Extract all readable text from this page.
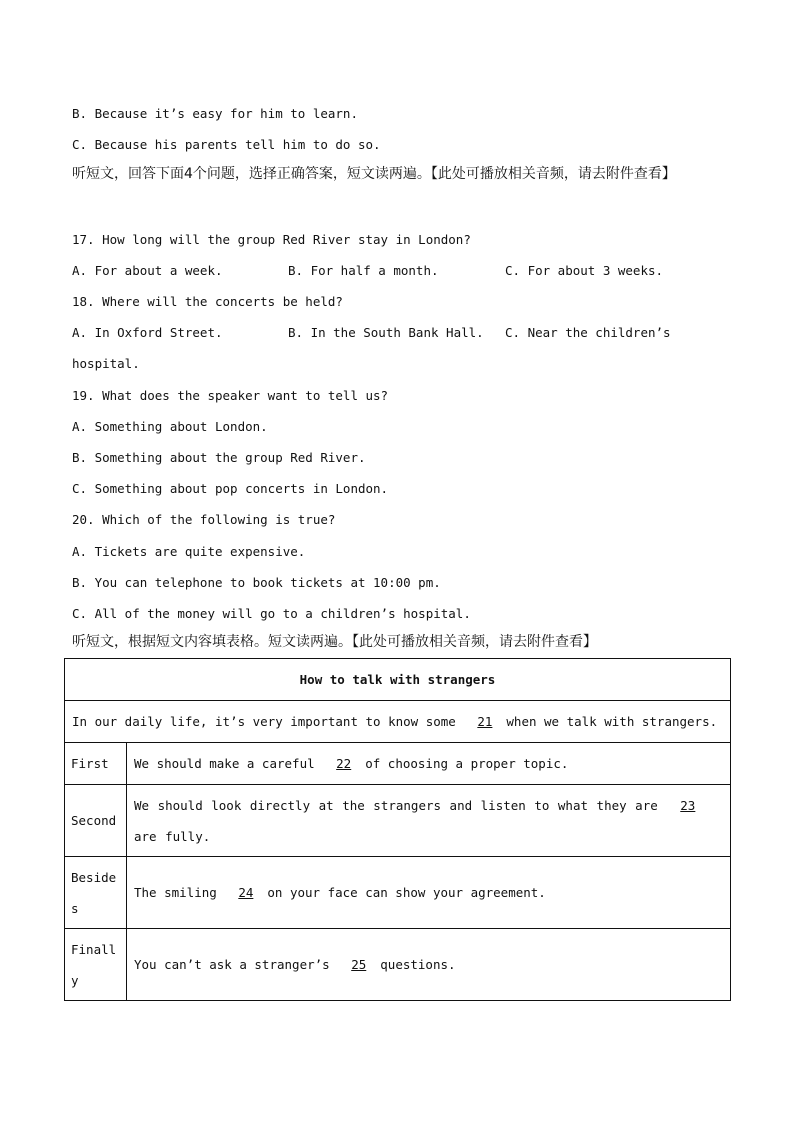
B. Because it’s easy for him to learn.
C. Because his parents tell him to do so.
听短文，回答下面4个问题，选择正确答案，短文读两遍。【此处可播放相关音频，请去附件查看】
17. How long will the group Red River stay in London?
A. For about a week.	B. For half a month.	C. For about 3 weeks.
18. Where will the concerts be held?
A. In Oxford Street.	B. In the South Bank Hall. C. Near the children’s
hospital.
19. What does the speaker want to tell us?
A. Something about London.
B. Something about the group Red River.
C. Something about pop concerts in London.
20. Which of the following is true?
A. Tickets are quite expensive.
B. You can telephone to book tickets at 10:00 pm.
C. All of the money will go to a children’s hospital.
听短文，根据短文内容填表格。短文读两遍。【此处可播放相关音频，请去附件查看】
How to talk with strangers	
In our daily life, it’s very important to know some 21 when we talk with strangers.	
First	We should make a careful 22 of choosing a proper topic.
Second	We should look directly at the strangers and listen to what they are 23are fully.
Besides	The smiling 24 on your face can show your agreement.
Finally	You can’t ask a stranger’s 25 questions.
